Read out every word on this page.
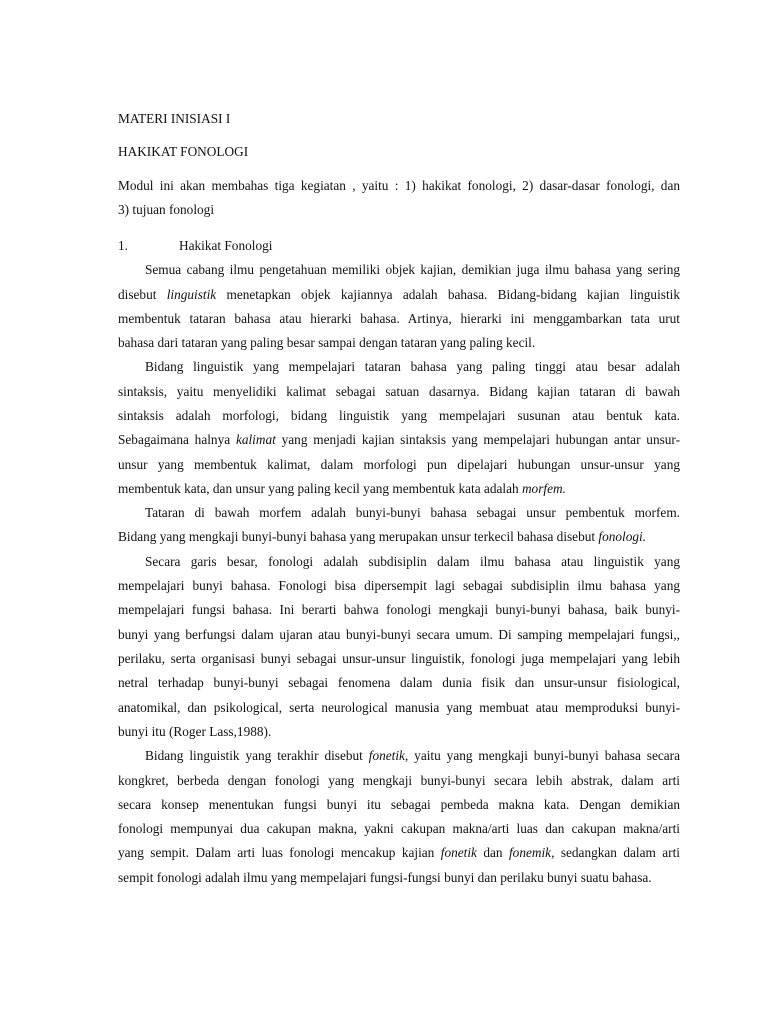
MATERI INISIASI I
HAKIKAT FONOLOGI
Modul ini akan membahas tiga kegiatan , yaitu : 1) hakikat fonologi, 2) dasar-dasar fonologi, dan
3) tujuan fonologi
1.	Hakikat Fonologi
Semua cabang ilmu pengetahuan memiliki objek kajian, demikian juga ilmu bahasa yang sering
disebut linguistik menetapkan objek kajiannya adalah bahasa. Bidang-bidang kajian linguistik
membentuk tataran bahasa atau hierarki bahasa. Artinya, hierarki ini menggambarkan tata urut
bahasa dari tataran yang paling besar sampai dengan tataran yang paling kecil.
Bidang linguistik yang mempelajari tataran bahasa yang paling tinggi atau besar adalah
sintaksis, yaitu menyelidiki kalimat sebagai satuan dasarnya. Bidang kajian tataran di bawah
sintaksis adalah morfologi, bidang linguistik yang mempelajari susunan atau bentuk kata.
Sebagaimana halnya kalimat yang menjadi kajian sintaksis yang mempelajari hubungan antar unsur-
unsur yang membentuk kalimat, dalam morfologi pun dipelajari hubungan unsur-unsur yang
membentuk kata, dan unsur yang paling kecil yang membentuk kata adalah morfem.
Tataran di bawah morfem adalah bunyi-bunyi bahasa sebagai unsur pembentuk morfem.
Bidang yang mengkaji bunyi-bunyi bahasa yang merupakan unsur terkecil bahasa disebut fonologi.
Secara garis besar, fonologi adalah subdisiplin dalam ilmu bahasa atau linguistik yang
mempelajari bunyi bahasa. Fonologi bisa dipersempit lagi sebagai subdisiplin ilmu bahasa yang
mempelajari fungsi bahasa. Ini berarti bahwa fonologi mengkaji bunyi-bunyi bahasa, baik bunyi-
bunyi yang berfungsi dalam ujaran atau bunyi-bunyi secara umum. Di samping mempelajari fungsi,,
perilaku, serta organisasi bunyi sebagai unsur-unsur linguistik, fonologi juga mempelajari yang lebih
netral terhadap bunyi-bunyi sebagai fenomena dalam dunia fisik dan unsur-unsur fisiological,
anatomikal, dan psikological, serta neurological manusia yang membuat atau memproduksi bunyi-
bunyi itu (Roger Lass,1988).
Bidang linguistik yang terakhir disebut fonetik, yaitu yang mengkaji bunyi-bunyi bahasa secara
kongkret, berbeda dengan fonologi yang mengkaji bunyi-bunyi secara lebih abstrak, dalam arti
secara konsep menentukan fungsi bunyi itu sebagai pembeda makna kata. Dengan demikian
fonologi mempunyai dua cakupan makna, yakni cakupan makna/arti luas dan cakupan makna/arti
yang sempit. Dalam arti luas fonologi mencakup kajian fonetik dan fonemik, sedangkan dalam arti
sempit fonologi adalah ilmu yang mempelajari fungsi-fungsi bunyi dan perilaku bunyi suatu bahasa.
